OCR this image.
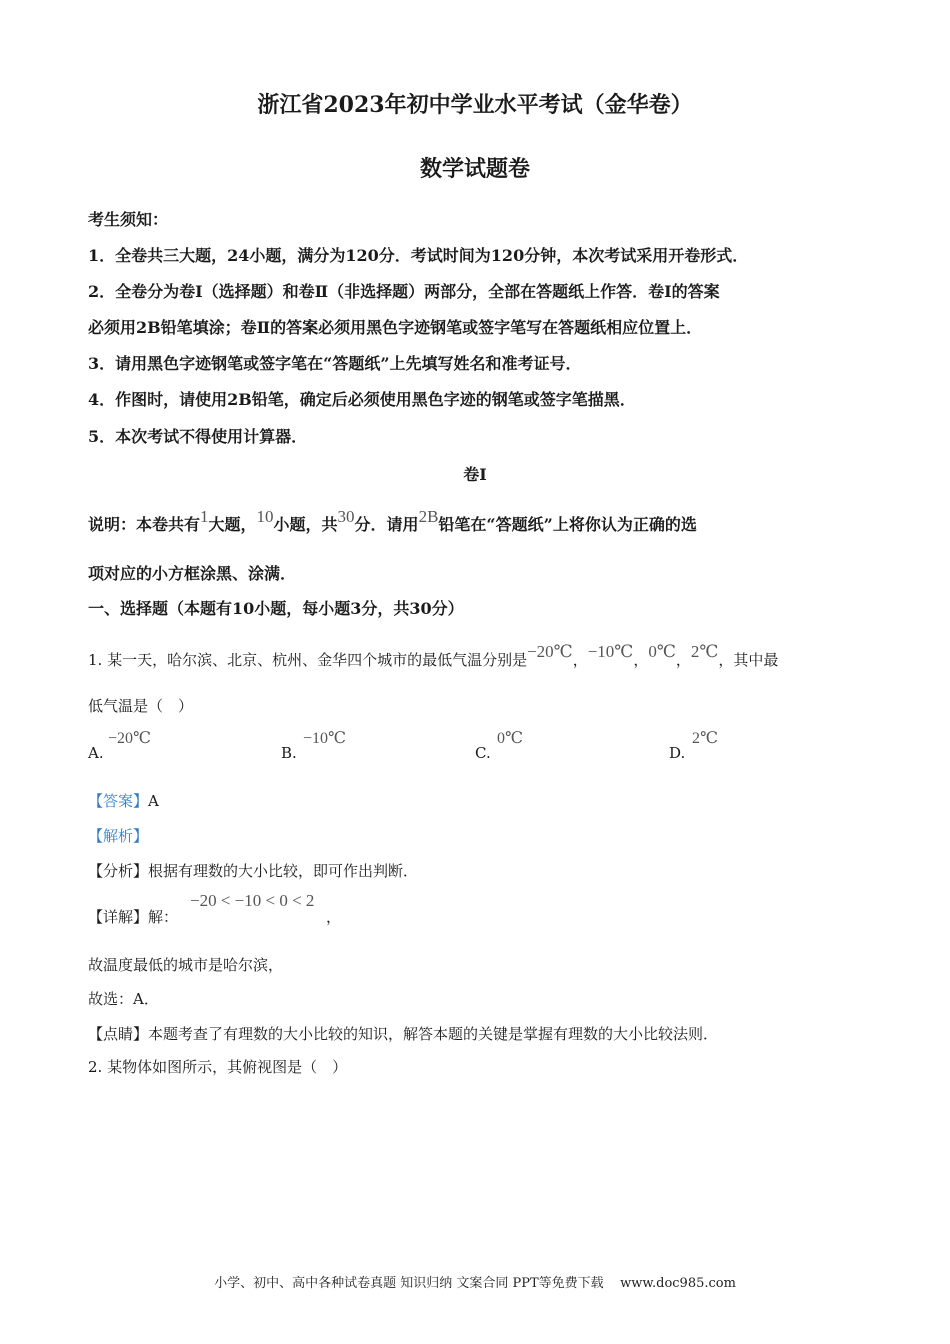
浙江省2023年初中学业水平考试（金华卷）
数学试题卷
考生须知：
1．全卷共三大题，24小题，满分为120分．考试时间为120分钟，本次考试采用开卷形式．
2．全卷分为卷Ⅰ（选择题）和卷Ⅱ（非选择题）两部分，全部在答题纸上作答．卷Ⅰ的答案
必须用2B铅笔填涂；卷Ⅱ的答案必须用黑色字迹钢笔或签字笔写在答题纸相应位置上．
3．请用黑色字迹钢笔或签字笔在“答题纸”上先填写姓名和准考证号．
4．作图时，请使用2B铅笔，确定后必须使用黑色字迹的钢笔或签字笔描黑．
5．本次考试不得使用计算器．
卷Ⅰ
说明：本卷共有1大题，10小题，共30分．请用2B铅笔在“答题纸”上将你认为正确的选
项对应的小方框涂黑、涂满．
一、选择题（本题有10小题，每小题3分，共30分）
1. 某一天，哈尔滨、北京、杭州、金华四个城市的最低气温分别是−20℃，−10℃，0℃，2℃，其中最
低气温是（　）
A.
−20℃
B.
−10℃
C.
0℃
D.
2℃
【答案】A
【解析】
【分析】根据有理数的大小比较，即可作出判断．
【详解】解：
−20 < −10 < 0 < 2
，
故温度最低的城市是哈尔滨，
故选：A．
【点睛】本题考查了有理数的大小比较的知识，解答本题的关键是掌握有理数的大小比较法则．
2. 某物体如图所示，其俯视图是（　）
小学、初中、高中各种试卷真题 知识归纳 文案合同 PPT等免费下载 www.doc985.com
